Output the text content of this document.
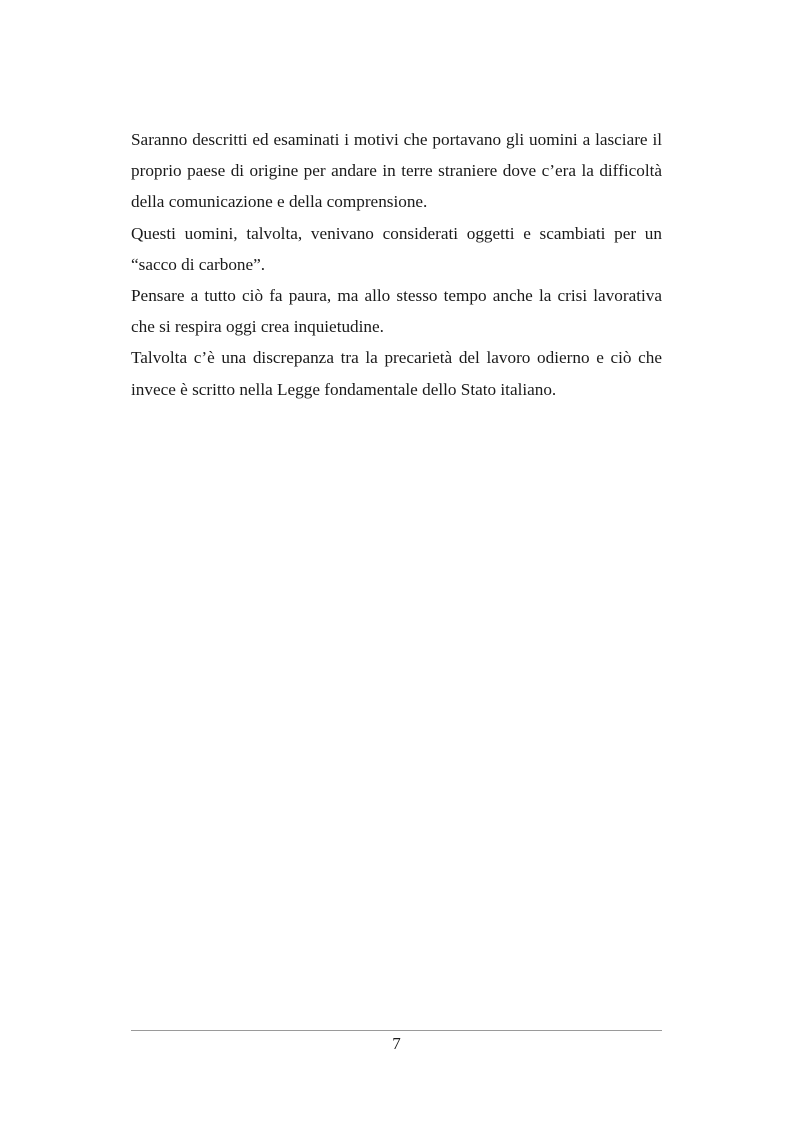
Saranno descritti ed esaminati i motivi che portavano gli uomini a lasciare il proprio paese di origine per andare in terre straniere dove c’era la difficoltà della comunicazione e della comprensione.

Questi uomini, talvolta, venivano considerati oggetti e scambiati per un “sacco di carbone”.

Pensare a tutto ciò fa paura, ma allo stesso tempo anche la crisi lavorativa che si respira oggi crea inquietudine.

Talvolta c’è una discrepanza tra la precarietà del lavoro odierno e ciò che invece è scritto nella Legge fondamentale dello Stato italiano.

7
